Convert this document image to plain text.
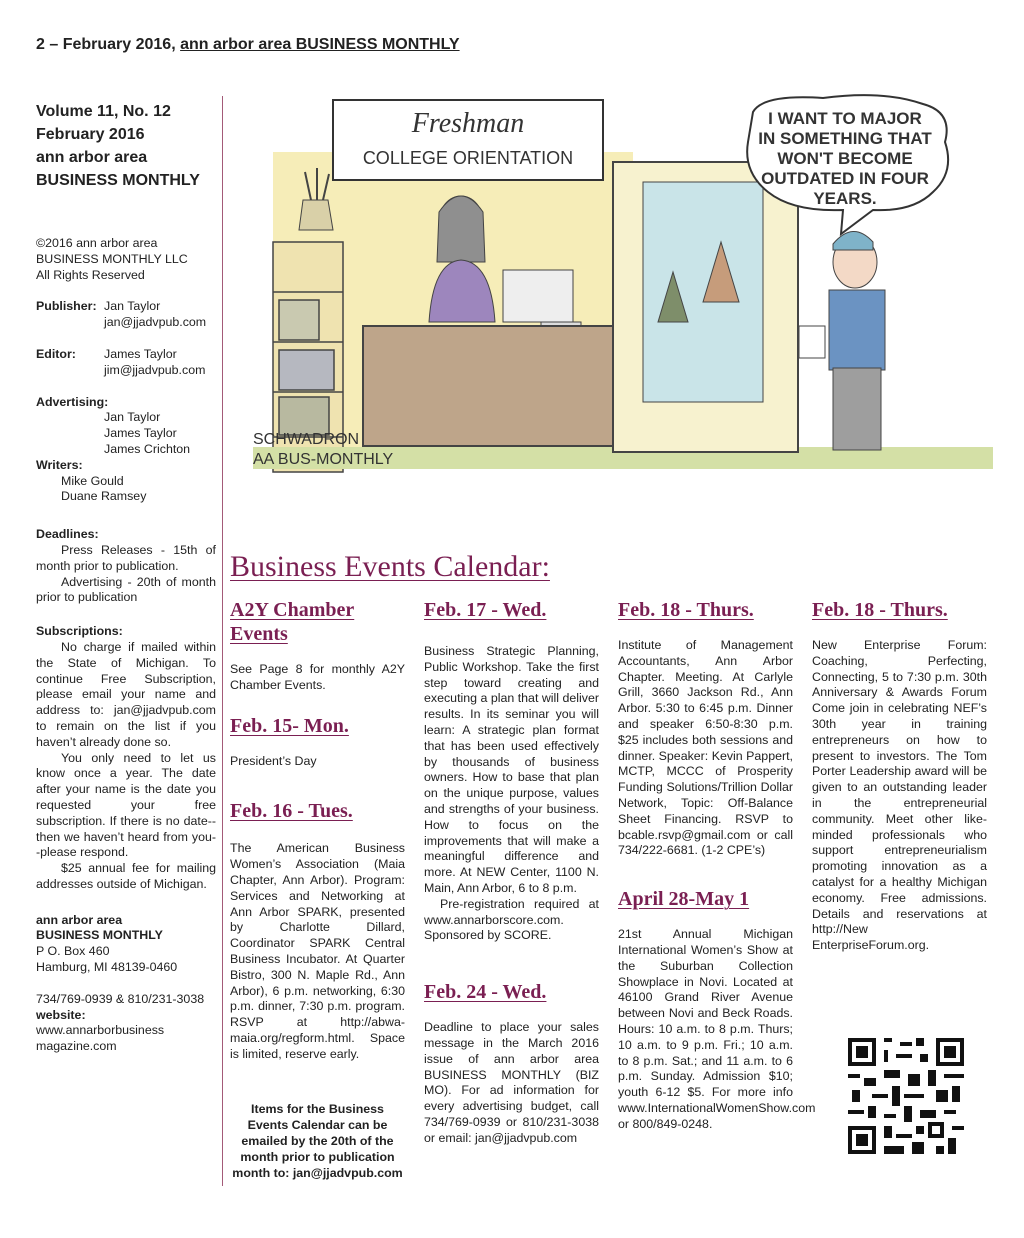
2 – February 2016, ann arbor area BUSINESS MONTHLY
Volume 11, No. 12
February 2016
ann arbor area
BUSINESS MONTHLY
©2016 ann arbor area
BUSINESS MONTHLY LLC
All Rights Reserved
Publisher: Jan Taylor
jan@jjadvpub.com
Editor:	James Taylor
jim@jjadvpub.com
Advertising:
Jan Taylor
James Taylor
James Crichton
Writers:
Mike Gould
Duane Ramsey
Deadlines:
Press Releases - 15th of month prior to publication.
Advertising - 20th of month prior to publication
Subscriptions:
No charge if mailed within the State of Michigan. To continue Free Subscription, please email your name and address to: jan@jjadvpub.com to remain on the list if you haven’t already done so.
You only need to let us know once a year. The date after your name is the date you requested your free subscription. If there is no date--then we haven’t heard from you--please respond.
$25 annual fee for mailing addresses outside of Michigan.
ann arbor area
BUSINESS MONTHLY
P O. Box 460
Hamburg, MI 48139-0460
734/769-0939 & 810/231-3038
website:
www.annarborbusiness magazine.com
Freshman
COLLEGE ORIENTATION
I WANT TO MAJOR
IN SOMETHING THAT
WON'T BECOME
OUTDATED IN FOUR
YEARS.
SCHWADRON
AA BUS-MONTHLY
Business Events Calendar:
A2Y Chamber Events
See Page 8 for monthly A2Y Chamber Events.
Feb. 15- Mon.
President’s Day
Feb. 16 - Tues.
The American Business Women’s Association (Maia Chapter, Ann Arbor). Program: Services and Networking at Ann Arbor SPARK, presented by Charlotte Dillard, Coordinator SPARK Central Business Incubator. At Quarter Bistro, 300 N. Maple Rd., Ann Arbor), 6 p.m. networking, 6:30 p.m. dinner, 7:30 p.m. program. RSVP at http://abwa-maia.org/regform.html. Space is limited, reserve early.
Items for the Business Events Calendar can be emailed by the 20th of the month prior to publication month to: jan@jjadvpub.com
Feb. 17 - Wed.
Business Strategic Planning, Public Workshop. Take the first step toward creating and executing a plan that will deliver results. In its seminar you will learn: A strategic plan format that has been used effectively by thousands of business owners. How to base that plan on the unique purpose, values and strengths of your business. How to focus on the improvements that will make a meaningful difference and more. At NEW Center, 1100 N. Main, Ann Arbor, 6 to 8 p.m.
Pre-registration required at www.annarborscore.com. Sponsored by SCORE.
Feb. 24 - Wed.
Deadline to place your sales message in the March 2016 issue of ann arbor area BUSINESS MONTHLY (BIZ MO). For ad information for every advertising budget, call 734/769-0939 or 810/231-3038 or email: jan@jjadvpub.com
Feb. 18 - Thurs.
Institute of Management Accountants, Ann Arbor Chapter. Meeting. At Carlyle Grill, 3660 Jackson Rd., Ann Arbor. 5:30 to 6:45 p.m. Dinner and speaker 6:50-8:30 p.m. $25 includes both sessions and dinner. Speaker: Kevin Pappert, MCTP, MCCC of Prosperity Funding Solutions/Trillion Dollar Network, Topic: Off-Balance Sheet Financing. RSVP to bcable.rsvp@gmail.com or call 734/222-6681. (1-2 CPE’s)
April 28-May 1
21st Annual Michigan International Women’s Show at the Suburban Collection Showplace in Novi. Located at 46100 Grand River Avenue between Novi and Beck Roads. Hours: 10 a.m. to 8 p.m. Thurs; 10 a.m. to 9 p.m. Fri.; 10 a.m. to 8 p.m. Sat.; and 11 a.m. to 6 p.m. Sunday. Admission $10; youth 6-12 $5. For more info www.InternationalWomenShow.com or 800/849-0248.
Feb. 18 - Thurs.
New Enterprise Forum: Coaching, Perfecting, Connecting, 5 to 7:30 p.m. 30th Anniversary & Awards Forum Come join in celebrating NEF’s 30th year in training entrepreneurs on how to present to investors. The Tom Porter Leadership award will be given to an outstanding leader in the entrepreneurial community. Meet other like-minded professionals who support entrepreneurialism promoting innovation as a catalyst for a healthy Michigan economy. Free admissions. Details and reservations at http://New EnterpriseForum.org.
